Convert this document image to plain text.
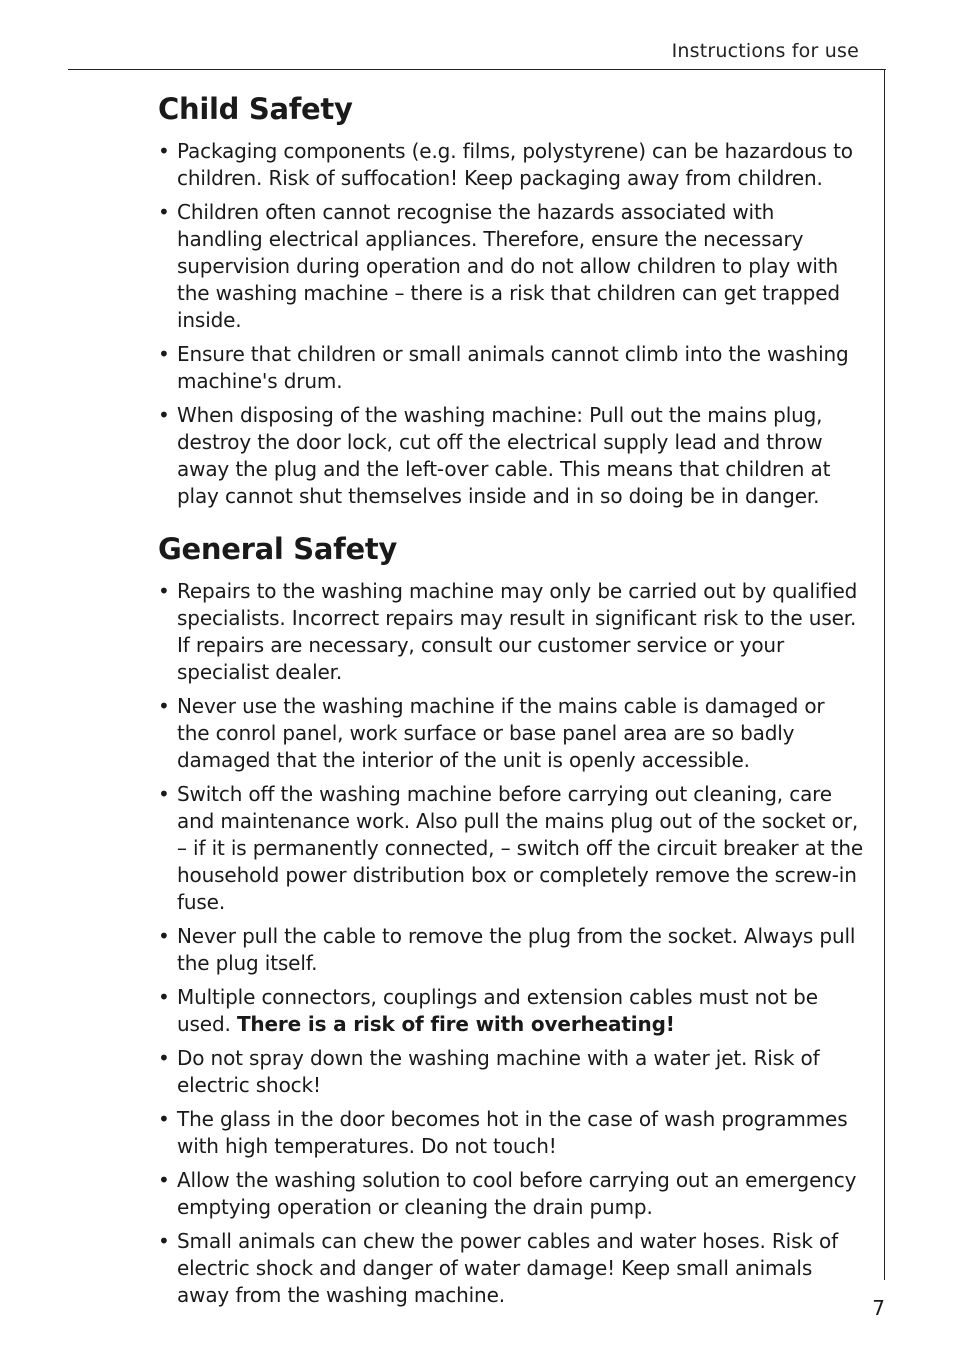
Instructions for use
Child Safety
• Packaging components (e.g. films, polystyrene) can be hazardous to children. Risk of suffocation! Keep packaging away from children.
• Children often cannot recognise the hazards associated with handling electrical appliances. Therefore, ensure the necessary supervision during operation and do not allow children to play with the washing machine – there is a risk that children can get trapped inside.
• Ensure that children or small animals cannot climb into the washing machine's drum.
• When disposing of the washing machine: Pull out the mains plug, destroy the door lock, cut off the electrical supply lead and throw away the plug and the left-over cable. This means that children at play cannot shut themselves inside and in so doing be in danger.
General Safety
• Repairs to the washing machine may only be carried out by qualified specialists. Incorrect repairs may result in significant risk to the user. If repairs are necessary, consult our customer service or your specialist dealer.
• Never use the washing machine if the mains cable is damaged or the conrol panel, work surface or base panel area are so badly damaged that the interior of the unit is openly accessible.
• Switch off the washing machine before carrying out cleaning, care and maintenance work. Also pull the mains plug out of the socket or, – if it is permanently connected, – switch off the circuit breaker at the household power distribution box or completely remove the screw-in fuse.
• Never pull the cable to remove the plug from the socket. Always pull the plug itself.
• Multiple connectors, couplings and extension cables must not be used. There is a risk of fire with overheating!
• Do not spray down the washing machine with a water jet. Risk of electric shock!
• The glass in the door becomes hot in the case of wash programmes with high temperatures. Do not touch!
• Allow the washing solution to cool before carrying out an emergency emptying operation or cleaning the drain pump.
• Small animals can chew the power cables and water hoses. Risk of electric shock and danger of water damage! Keep small animals away from the washing machine.
7
